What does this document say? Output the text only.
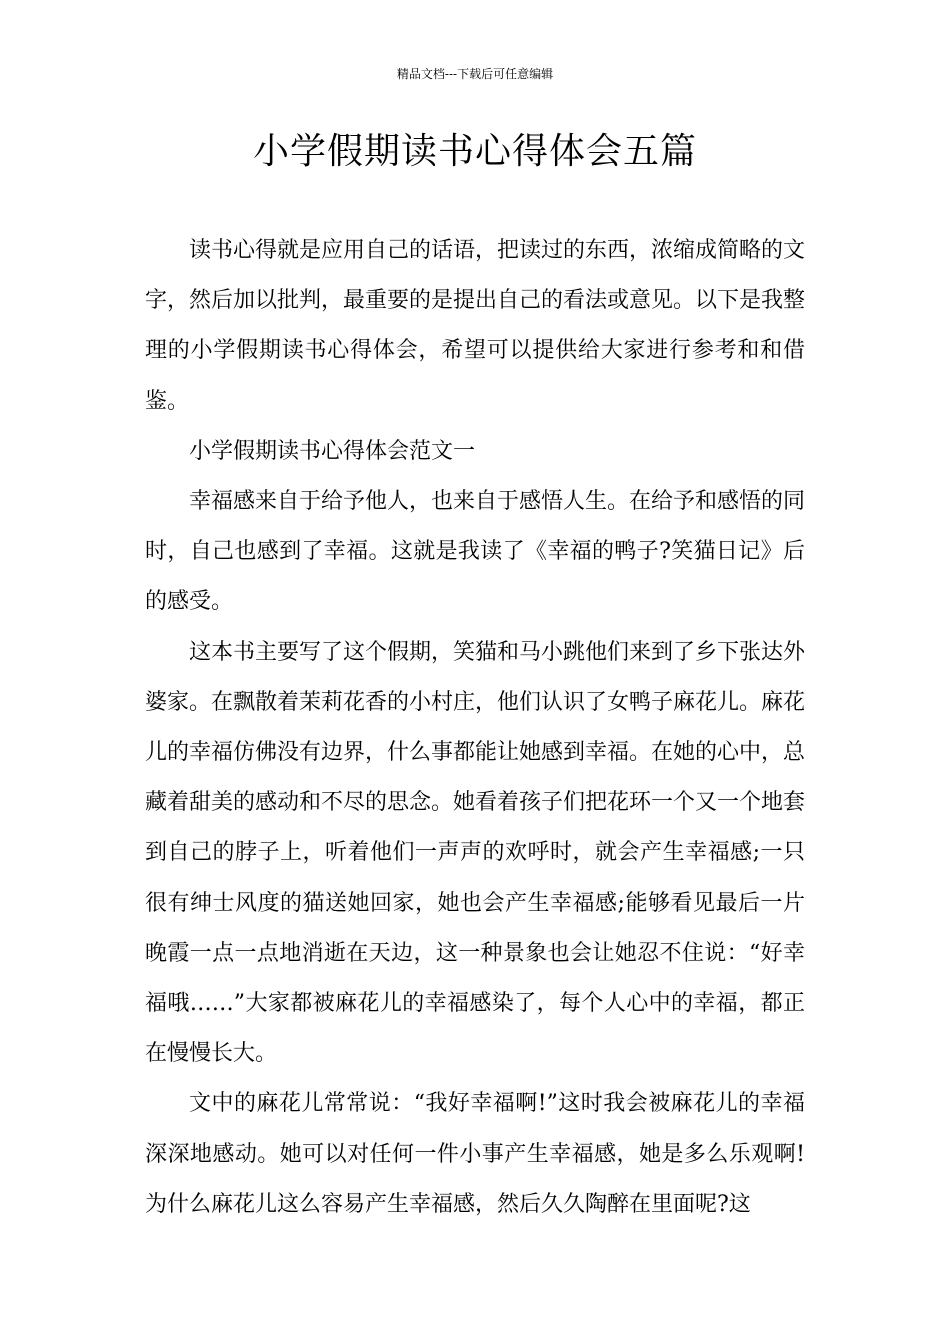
精品文档---下载后可任意编辑
小学假期读书心得体会五篇

读书心得就是应用自己的话语，把读过的东西，浓缩成简略的文字，然后加以批判，最重要的是提出自己的看法或意见。以下是我整理的小学假期读书心得体会，希望可以提供给大家进行参考和和借鉴。

小学假期读书心得体会范文一

幸福感来自于给予他人，也来自于感悟人生。在给予和感悟的同时，自己也感到了幸福。这就是我读了《幸福的鸭子?笑猫日记》后的感受。

这本书主要写了这个假期，笑猫和马小跳他们来到了乡下张达外婆家。在飘散着茉莉花香的小村庄，他们认识了女鸭子麻花儿。麻花儿的幸福仿佛没有边界，什么事都能让她感到幸福。在她的心中，总藏着甜美的感动和不尽的思念。她看着孩子们把花环一个又一个地套到自己的脖子上，听着他们一声声的欢呼时，就会产生幸福感;一只很有绅士风度的猫送她回家，她也会产生幸福感;能够看见最后一片晚霞一点一点地消逝在天边，这一种景象也会让她忍不住说：“好幸福哦……”大家都被麻花儿的幸福感染了，每个人心中的幸福，都正在慢慢长大。

文中的麻花儿常常说：“我好幸福啊!”这时我会被麻花儿的幸福深深地感动。她可以对任何一件小事产生幸福感，她是多么乐观啊!为什么麻花儿这么容易产生幸福感，然后久久陶醉在里面呢?这
